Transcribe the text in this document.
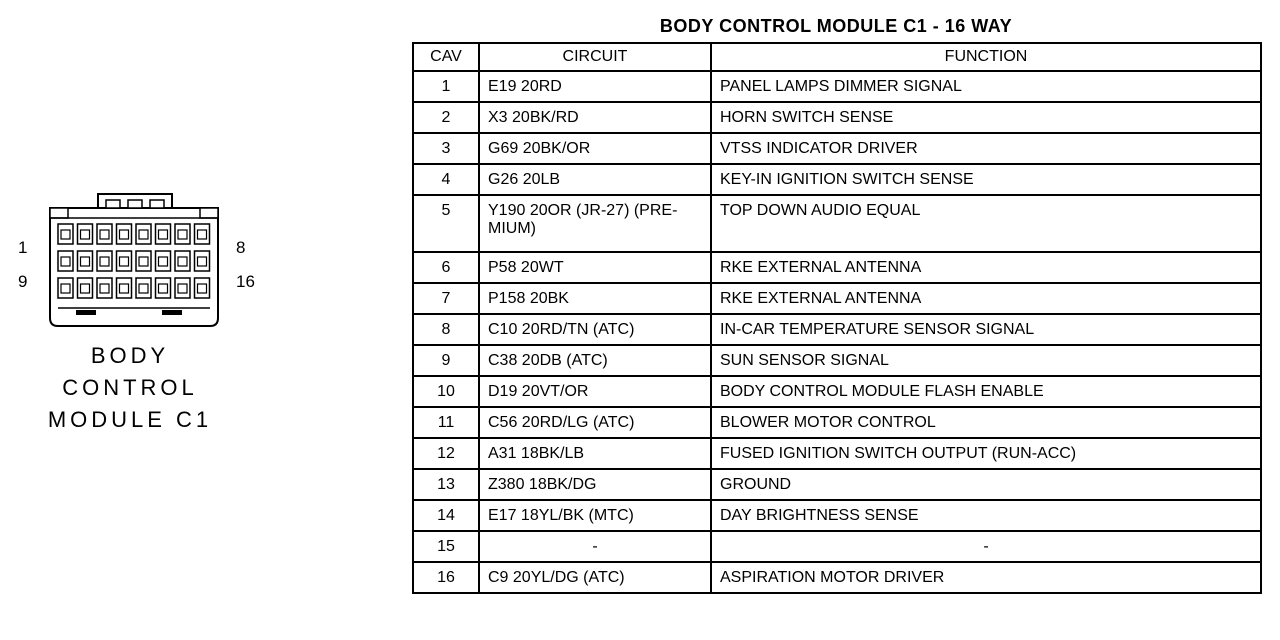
1	8
9	16
BODY
CONTROL
MODULE C1
BODY CONTROL MODULE C1 - 16 WAY
CAV	CIRCUIT	FUNCTION
1	E19 20RD	PANEL LAMPS DIMMER SIGNAL
2	X3 20BK/RD	HORN SWITCH SENSE
3	G69 20BK/OR	VTSS INDICATOR DRIVER
4	G26 20LB	KEY-IN IGNITION SWITCH SENSE
5	Y190 20OR (JR-27) (PRE-
MIUM)	TOP DOWN AUDIO EQUAL
6	P58 20WT	RKE EXTERNAL ANTENNA
7	P158 20BK	RKE EXTERNAL ANTENNA
8	C10 20RD/TN (ATC)	IN-CAR TEMPERATURE SENSOR SIGNAL
9	C38 20DB (ATC)	SUN SENSOR SIGNAL
10	D19 20VT/OR	BODY CONTROL MODULE FLASH ENABLE
11	C56 20RD/LG (ATC)	BLOWER MOTOR CONTROL
12	A31 18BK/LB	FUSED IGNITION SWITCH OUTPUT (RUN-ACC)
13	Z380 18BK/DG	GROUND
14	E17 18YL/BK (MTC)	DAY BRIGHTNESS SENSE
15	-	-
16	C9 20YL/DG (ATC)	ASPIRATION MOTOR DRIVER
